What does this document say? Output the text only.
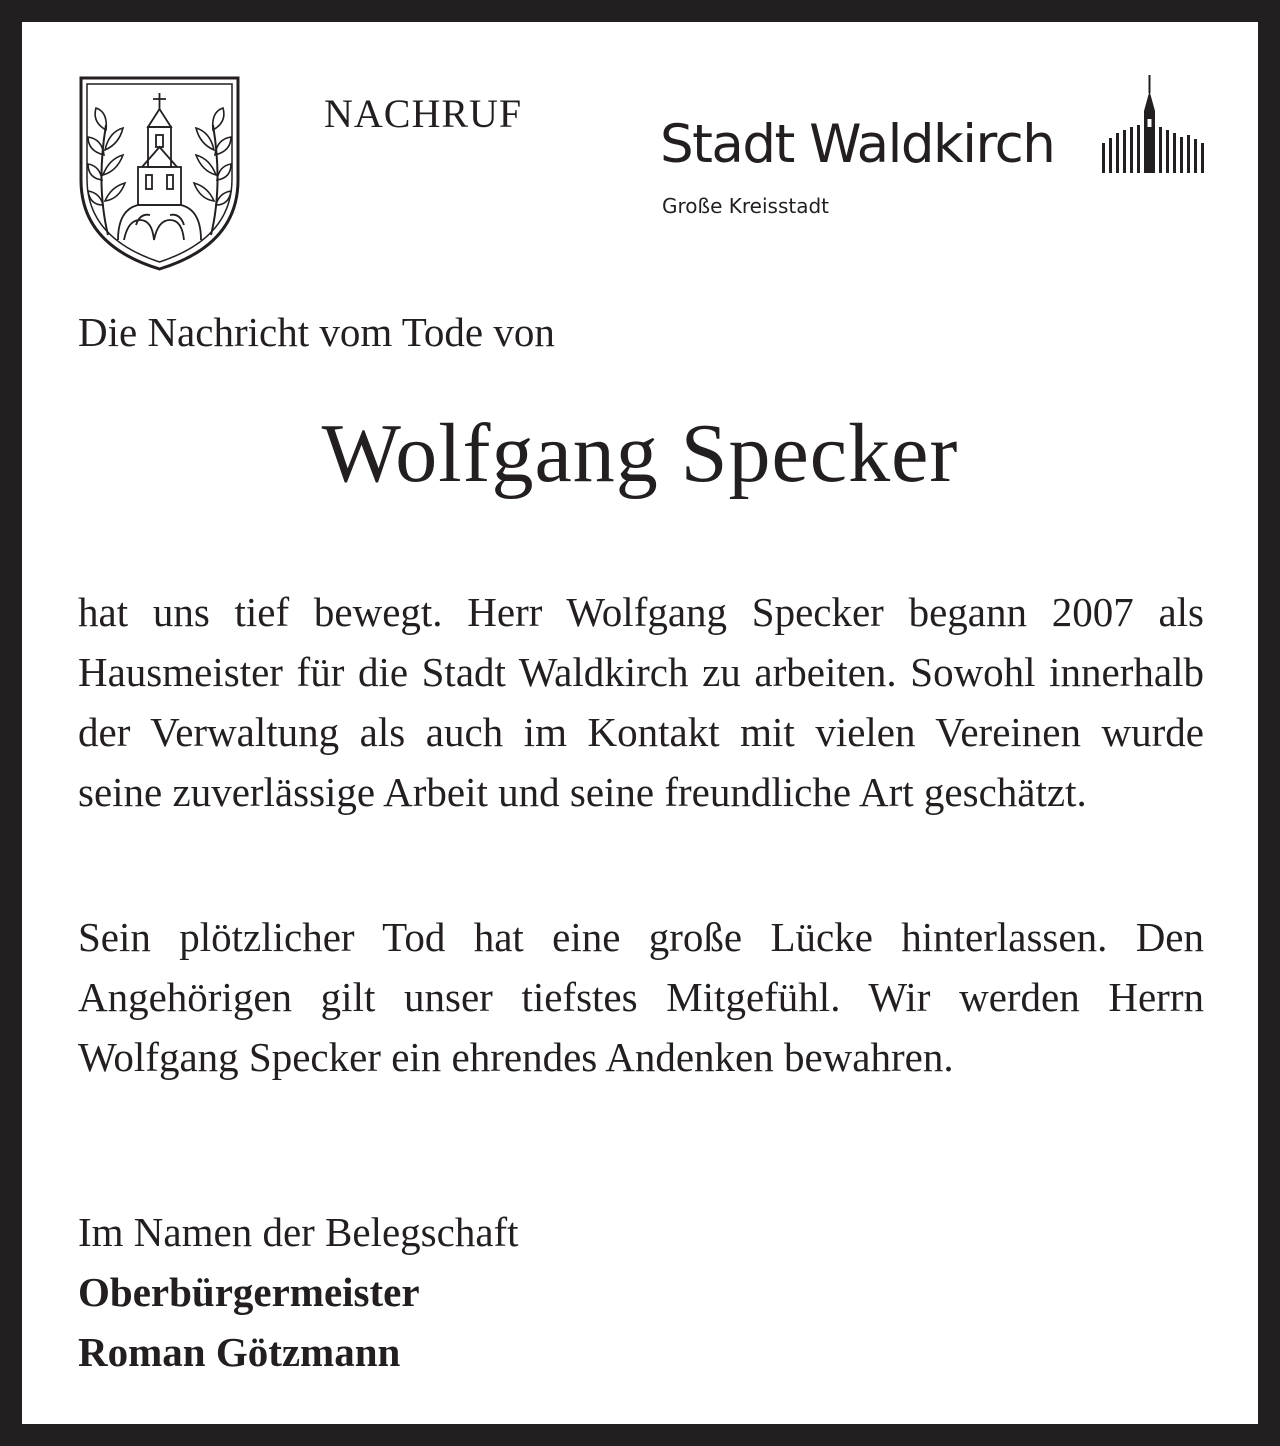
NACHRUF
Stadt Waldkirch
Große Kreisstadt
Die Nachricht vom Tode von
Wolfgang Specker

hat uns tief bewegt. Herr Wolfgang Specker begann 2007 als Hausmeister für die Stadt Waldkirch zu arbeiten. Sowohl innerhalb der Verwaltung als auch im Kontakt mit vielen Vereinen wurde seine zuverlässige Arbeit und seine freundliche Art geschätzt.

Sein plötzlicher Tod hat eine große Lücke hinterlassen. Den Angehörigen gilt unser tiefstes Mitgefühl. Wir werden Herrn Wolfgang Specker ein ehrendes Andenken bewahren.

Im Namen der Belegschaft
Oberbürgermeister
Roman Götzmann
